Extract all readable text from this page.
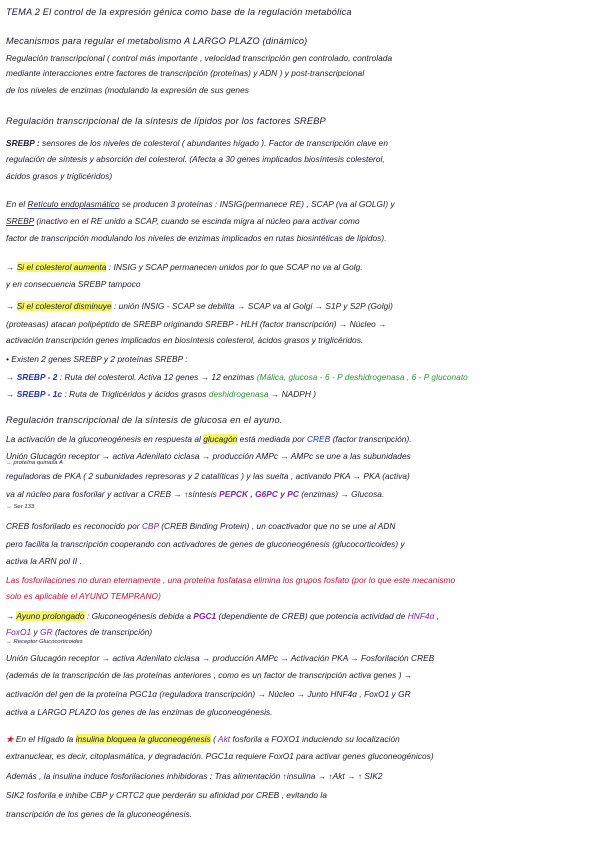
TEMA 2 El control de la expresión génica como base de la regulación metabólica
Mecanismos para regular el metabolismo A LARGO PLAZO (dinámico)
Regulación transcripcional ( control más importante , velocidad transcripción gen controlado, controlada
mediante interacciones entre factores de transcripción (proteínas) y ADN ) y post-transcripcional
de los niveles de enzimas (modulando la expresión de sus genes
Regulación transcripcional de la síntesis de lípidos por los factores SREBP
SREBP : sensores de los niveles de colesterol ( abundantes hígado ). Factor de transcripción clave en
regulación de síntesis y absorción del colesterol. (Afecta a 30 genes implicados biosíntesis colesterol,
ácidos grasos y triglicéridos)
En el Retículo endoplasmático se producen 3 proteínas : INSIG(permanece RE) , SCAP (va al GOLGI) y
SREBP (inactivo en el RE unido a SCAP, cuando se escinda migra al núcleo para activar como
factor de transcripción modulando los niveles de enzimas implicados en rutas biosintéticas de lípidos).
→ Si el colesterol aumenta : INSIG y SCAP permanecen unidos por lo que SCAP no va al Golg.
y en consecuencia SREBP tampoco
→ Si el colesterol disminuye : unión INSIG - SCAP se debilita → SCAP va al Golgi → S1P y S2P (Golgi)
(proteasas) atacan polipéptido de SREBP originando SREBP - HLH (factor transcripción) → Núcleo →
activación transcripción genes implicados en biosíntesis colesterol, ácidos grasos y triglicéridos.
• Existen 2 genes SREBP y 2 proteínas SREBP :
→ SREBP - 2 : Ruta del colesterol. Activa 12 genes → 12 enzimas (Málica, glucosa - 6 - P deshidrogenasa , 6 - P gluconato
→ SREBP - 1c : Ruta de Triglicéridos y ácidos grasos deshidrogenasa → NADPH )
Regulación transcripcional de la síntesis de glucosa en el ayuno.
La activación de la gluconeogénesis en respuesta al glucagón está mediada por CREB (factor transcripción).
Unión Glucagón receptor → activa Adenilato ciclasa → producción AMPc → AMPc se une a las subunidades
reguladoras de PKA ( 2 subunidades represoras y 2 catalíticas ) y las suelta , activando PKA → PKA (activa)
→ proteína quinasa A
va al núcleo para fosforilar y activar a CREB → ↑síntesis PEPCK , G6PC y PC (enzimas) → Glucosa.
→ Ser 133
CREB fosforilado es reconocido por CBP (CREB Binding Protein) , un coactivador que no se une al ADN
pero facilita la transcripción cooperando con activadores de genes de gluconeogénesis (glucocorticoides) y
activa la ARN pol II .
Las fosforilaciones no duran eternamente , una proteína fosfatasa elimina los grupos fosfato (por lo que este mecanismo
solo es aplicable el AYUNO TEMPRANO)
→ Ayuno prolongado : Gluconeogénesis debida a PGC1 (dependiente de CREB) que potencia actividad de HNF4α ,
FoxO1 y GR (factores de transcripción)
→ Receptor Glucocorticoides
Unión Glucagón receptor → activa Adenilato ciclasa → producción AMPc → Activación PKA → Fosforilación CREB
(además de la transcripción de las proteínas anteriores , como es un factor de transcripción activa genes ) →
activación del gen de la proteína PGC1α (reguladora transcripción) → Núcleo → Junto HNF4α , FoxO1 y GR
activa a LARGO PLAZO los genes de las enzimas de gluconeogénesis.
★ En el Hígado la insulina bloquea la gluconeogénesis ( Akt fosforila a FOXO1 induciendo su localización
extranuclear, es decir, citoplasmática, y degradación. PGC1α requiere FoxO1 para activar genes gluconeogénicos)
Además , la insulina induce fosforilaciones inhibidoras : Tras alimentación ↑insulina → ↑Akt → ↑ SIK2
SIK2 fosforila e inhibe CBP y CRTC2 que perderán su afinidad por CREB , evitando la
transcripción de los genes de la gluconeogénesis.
